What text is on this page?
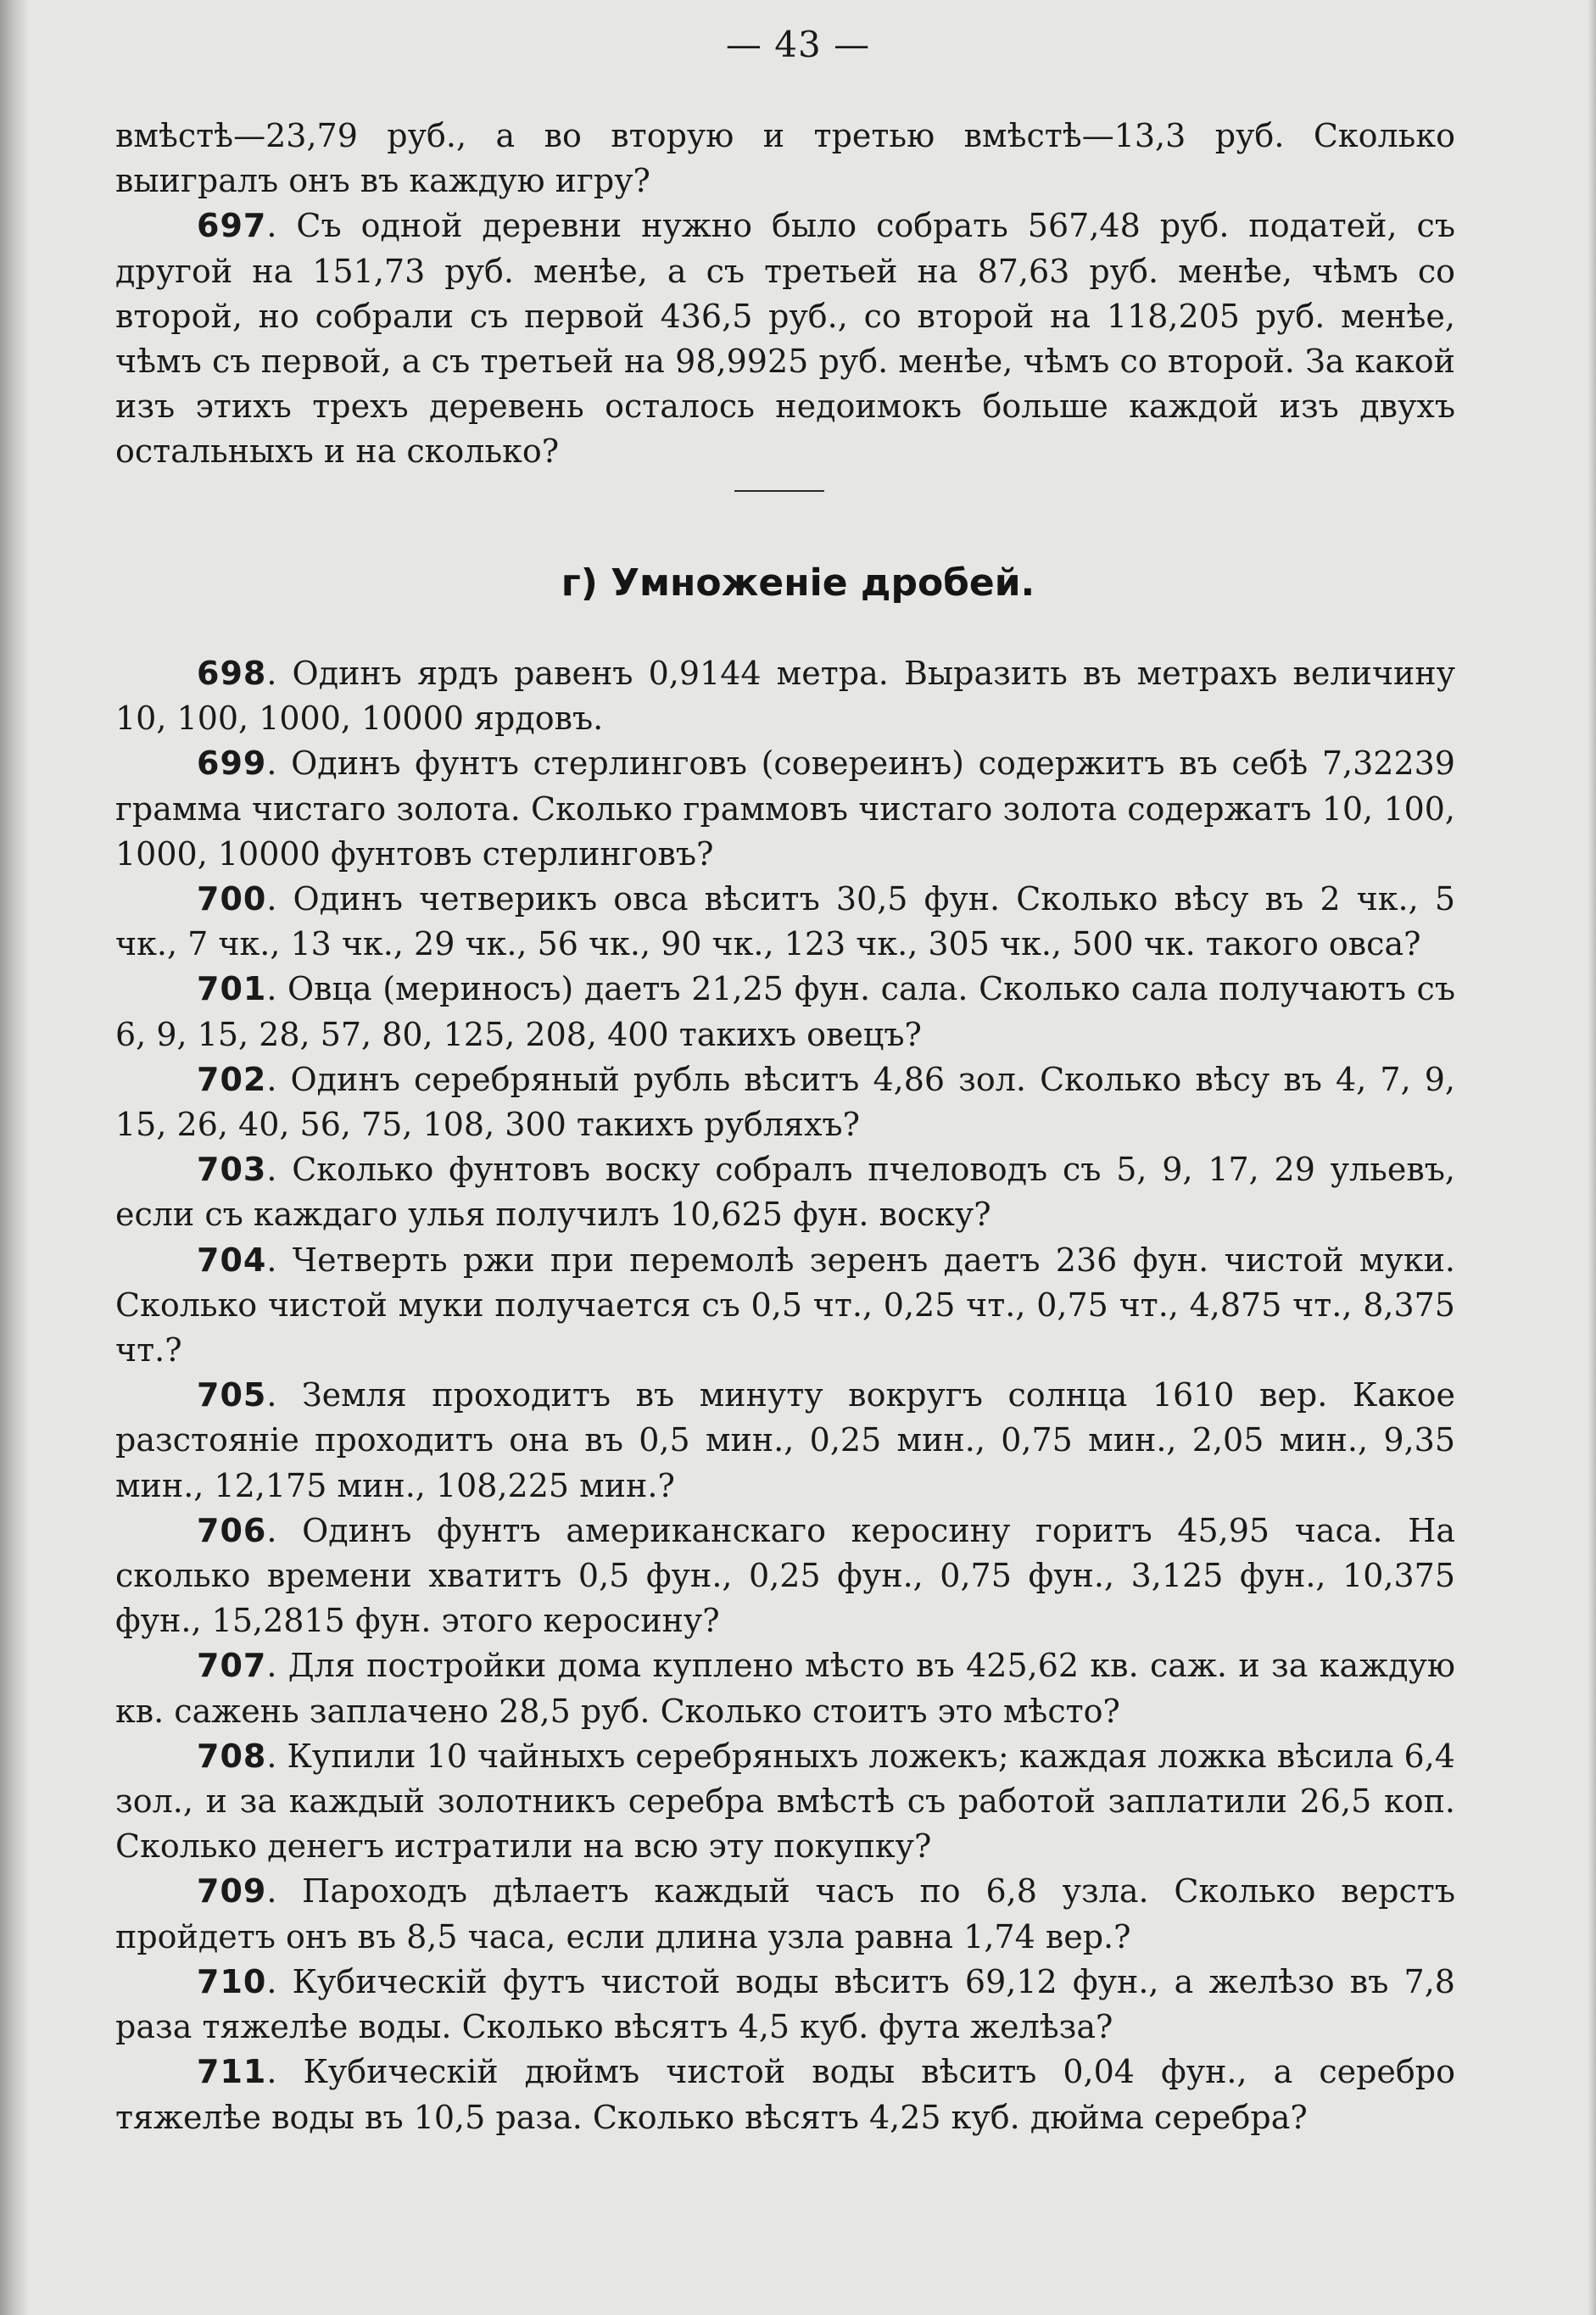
— 43 —

вмѣстѣ—23,79 руб., а во вторую и третью вмѣстѣ—13,3 руб. Сколько выигралъ онъ въ каждую игру?

697. Съ одной деревни нужно было собрать 567,48 руб. податей, съ другой на 151,73 руб. менѣе, а съ третьей на 87,63 руб. менѣе, чѣмъ со второй, но собрали съ первой 436,5 руб., со второй на 118,205 руб. менѣе, чѣмъ съ первой, а съ третьей на 98,9925 руб. менѣе, чѣмъ со второй. За какой изъ этихъ трехъ деревень осталось недоимокъ больше каждой изъ двухъ остальныхъ и на сколько?

г) Умноженіе дробей.

698. Одинъ ярдъ равенъ 0,9144 метра. Выразить въ метрахъ величину 10, 100, 1000, 10000 ярдовъ.

699. Одинъ фунтъ стерлинговъ (совереинъ) содержитъ въ себѣ 7,32239 грамма чистаго золота. Сколько граммовъ чистаго золота содержатъ 10, 100, 1000, 10000 фунтовъ стерлинговъ?

700. Одинъ четверикъ овса вѣситъ 30,5 фун. Сколько вѣсу въ 2 чк., 5 чк., 7 чк., 13 чк., 29 чк., 56 чк., 90 чк., 123 чк., 305 чк., 500 чк. такого овса?

701. Овца (мериносъ) даетъ 21,25 фун. сала. Сколько сала получаютъ съ 6, 9, 15, 28, 57, 80, 125, 208, 400 такихъ овецъ?

702. Одинъ серебряный рубль вѣситъ 4,86 зол. Сколько вѣсу въ 4, 7, 9, 15, 26, 40, 56, 75, 108, 300 такихъ рубляхъ?

703. Сколько фунтовъ воску собралъ пчеловодъ съ 5, 9, 17, 29 ульевъ, если съ каждаго улья получилъ 10,625 фун. воску?

704. Четверть ржи при перемолѣ зеренъ даетъ 236 фун. чистой муки. Сколько чистой муки получается съ 0,5 чт., 0,25 чт., 0,75 чт., 4,875 чт., 8,375 чт.?

705. Земля проходитъ въ минуту вокругъ солнца 1610 вер. Какое разстояніе проходитъ она въ 0,5 мин., 0,25 мин., 0,75 мин., 2,05 мин., 9,35 мин., 12,175 мин., 108,225 мин.?

706. Одинъ фунтъ американскаго керосину горитъ 45,95 часа. На сколько времени хватитъ 0,5 фун., 0,25 фун., 0,75 фун., 3,125 фун., 10,375 фун., 15,2815 фун. этого керосину?

707. Для постройки дома куплено мѣсто въ 425,62 кв. саж. и за каждую кв. сажень заплачено 28,5 руб. Сколько стоитъ это мѣсто?

708. Купили 10 чайныхъ серебряныхъ ложекъ; каждая ложка вѣсила 6,4 зол., и за каждый золотникъ серебра вмѣстѣ съ работой заплатили 26,5 коп. Сколько денегъ истратили на всю эту покупку?

709. Пароходъ дѣлаетъ каждый часъ по 6,8 узла. Сколько верстъ пройдетъ онъ въ 8,5 часа, если длина узла равна 1,74 вер.?

710. Кубическій футъ чистой воды вѣситъ 69,12 фун., а желѣзо въ 7,8 раза тяжелѣе воды. Сколько вѣсятъ 4,5 куб. фута желѣза?

711. Кубическій дюймъ чистой воды вѣситъ 0,04 фун., а серебро тяжелѣе воды въ 10,5 раза. Сколько вѣсятъ 4,25 куб. дюйма серебра?
